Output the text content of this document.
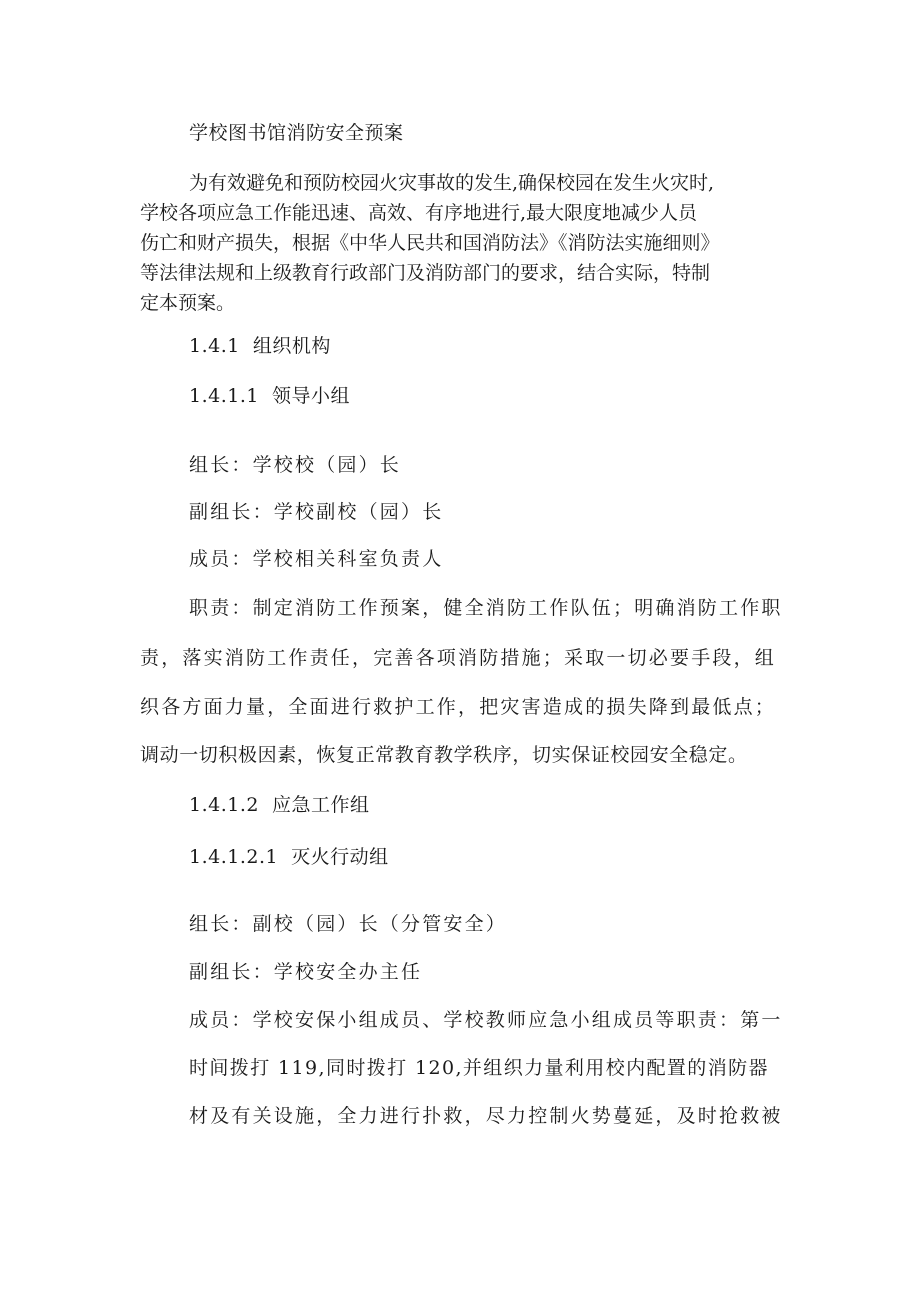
学校图书馆消防安全预案
为有效避免和预防校园火灾事故的发生,确保校园在发生火灾时,
学校各项应急工作能迅速、高效、有序地进行,最大限度地减少人员
伤亡和财产损失，根据《中华人民共和国消防法》《消防法实施细则》
等法律法规和上级教育行政部门及消防部门的要求，结合实际，特制
定本预案。
1.4.1  组织机构
1.4.1.1  领导小组
组长：学校校（园）长
副组长：学校副校（园）长
成员：学校相关科室负责人
职责：制定消防工作预案，健全消防工作队伍；明确消防工作职
责，落实消防工作责任，完善各项消防措施；采取一切必要手段，组
织各方面力量，全面进行救护工作，把灾害造成的损失降到最低点；
调动一切积极因素，恢复正常教育教学秩序，切实保证校园安全稳定。
1.4.1.2  应急工作组
1.4.1.2.1  灭火行动组
组长：副校（园）长（分管安全）
副组长：学校安全办主任
成员：学校安保小组成员、学校教师应急小组成员等职责：第一
时间拨打 119,同时拨打 120,并组织力量利用校内配置的消防器
材及有关设施，全力进行扑救，尽力控制火势蔓延，及时抢救被
